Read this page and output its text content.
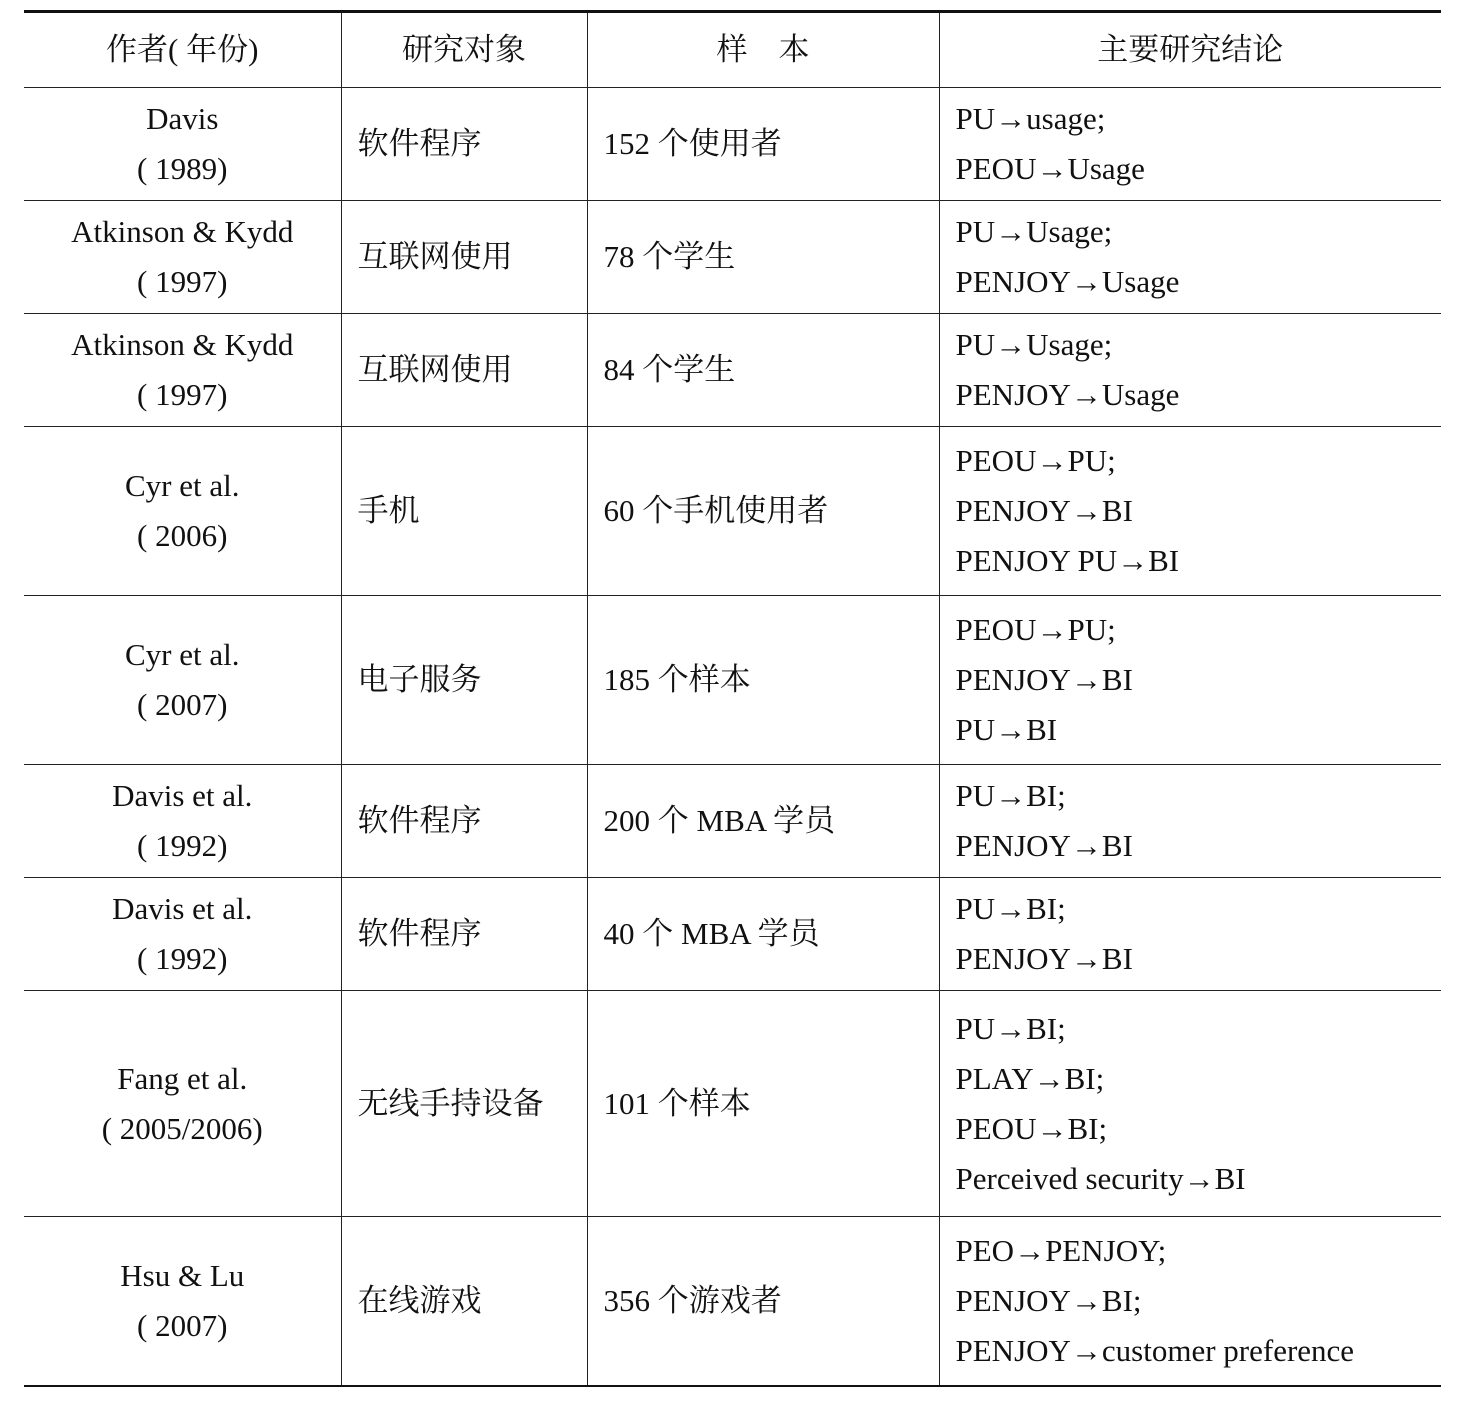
作者( 年份)	研究对象	样　本	主要研究结论

Davis
( 1989)	软件程序	152 个使用者	PU→usage;
PEOU→Usage

Atkinson & Kydd
( 1997)	互联网使用	78 个学生	PU→Usage;
PENJOY→Usage

Atkinson & Kydd
( 1997)	互联网使用	84 个学生	PU→Usage;
PENJOY→Usage

Cyr et al.
( 2006)	手机	60 个手机使用者	PEOU→PU;
PENJOY→BI
PENJOY PU→BI

Cyr et al.
( 2007)	电子服务	185 个样本	PEOU→PU;
PENJOY→BI
PU→BI

Davis et al.
( 1992)	软件程序	200 个 MBA 学员	PU→BI;
PENJOY→BI

Davis et al.
( 1992)	软件程序	40 个 MBA 学员	PU→BI;
PENJOY→BI

Fang et al.
( 2005/2006)	无线手持设备	101 个样本	PU→BI;
PLAY→BI;
PEOU→BI;
Perceived security→BI

Hsu & Lu
( 2007)	在线游戏	356 个游戏者	PEO→PENJOY;
PENJOY→BI;
PENJOY→customer preference
